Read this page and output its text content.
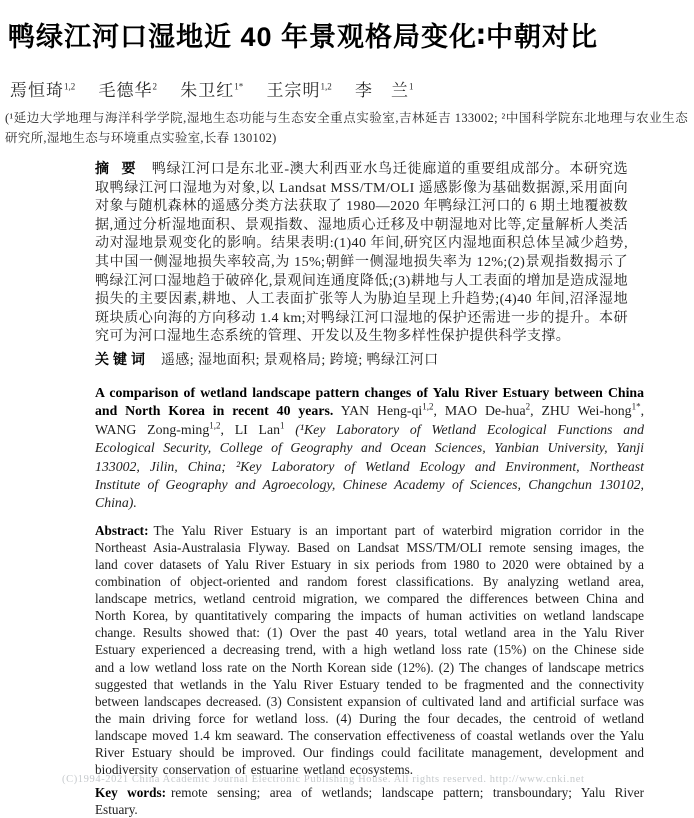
鸭绿江河口湿地近 40 年景观格局变化∶中朝对比
焉恒琦$^{1,2}$ 毛德华$^2$ 朱卫红$^{1*}$ 王宗明$^{1,2}$ 李　兰$^1$

(¹延边大学地理与海洋科学学院,湿地生态功能与生态安全重点实验室,吉林延吉 133002; ²中国科学院东北地理与农业生态研究所,湿地生态与环境重点实验室,长春 130102)

摘 要 鸭绿江河口是东北亚-澳大利西亚水鸟迁徙廊道的重要组成部分。本研究选取鸭绿江河口湿地为对象,以 Landsat MSS/TM/OLI 遥感影像为基础数据源,采用面向对象与随机森林的遥感分类方法获取了 1980—2020 年鸭绿江河口的 6 期土地覆被数据,通过分析湿地面积、景观指数、湿地质心迁移及中朝湿地对比等,定量解析人类活动对湿地景观变化的影响。结果表明:(1)40 年间,研究区内湿地面积总体呈减少趋势,其中国一侧湿地损失率较高,为 15%;朝鲜一侧湿地损失率为 12%;(2)景观指数揭示了鸭绿江河口湿地趋于破碎化,景观间连通度降低;(3)耕地与人工表面的增加是造成湿地损失的主要因素,耕地、人工表面扩张等人为胁迫呈现上升趋势;(4)40 年间,沼泽湿地斑块质心向海的方向移动 1.4 km;对鸭绿江河口湿地的保护还需进一步的提升。本研究可为河口湿地生态系统的管理、开发以及生物多样性保护提供科学支撑。
关键词 遥感; 湿地面积; 景观格局; 跨境; 鸭绿江河口
A comparison of wetland landscape pattern changes of Yalu River Estuary between China and North Korea in recent 40 years. YAN Heng-qi$^{1,2}$, MAO De-hua$^2$, ZHU Wei-hong$^{1*}$, WANG Zong-ming$^{1,2}$, LI Lan$^1$ (¹Key Laboratory of Wetland Ecological Functions and Ecological Security, College of Geography and Ocean Sciences, Yanbian University, Yanji 133002, Jilin, China; ²Key Laboratory of Wetland Ecology and Environment, Northeast Institute of Geography and Agroecology, Chinese Academy of Sciences, Changchun 130102, China).
Abstract: The Yalu River Estuary is an important part of waterbird migration corridor in the Northeast Asia-Australasia Flyway. Based on Landsat MSS/TM/OLI remote sensing images, the land cover datasets of Yalu River Estuary in six periods from 1980 to 2020 were obtained by a combination of object-oriented and random forest classifications. By analyzing wetland area, landscape metrics, wetland centroid migration, we compared the differences between China and North Korea, by quantitatively comparing the impacts of human activities on wetland landscape change. Results showed that: (1) Over the past 40 years, total wetland area in the Yalu River Estuary experienced a decreasing trend, with a high wetland loss rate (15%) on the Chinese side and a low wetland loss rate on the North Korean side (12%). (2) The changes of landscape metrics suggested that wetlands in the Yalu River Estuary tended to be fragmented and the connectivity between landscapes decreased. (3) Consistent expansion of cultivated land and artificial surface was the main driving force for wetland loss. (4) During the four decades, the centroid of wetland landscape moved 1.4 km seaward. The conservation effectiveness of coastal wetlands over the Yalu River Estuary should be improved. Our findings could facilitate management, development and biodiversity conservation of estuarine wetland ecosystems.
Key words: remote sensing; area of wetlands; landscape pattern; transboundary; Yalu River Estuary.
(C)1994-2021 China Academic Journal Electronic Publishing House. All rights reserved. http://www.cnki.net
